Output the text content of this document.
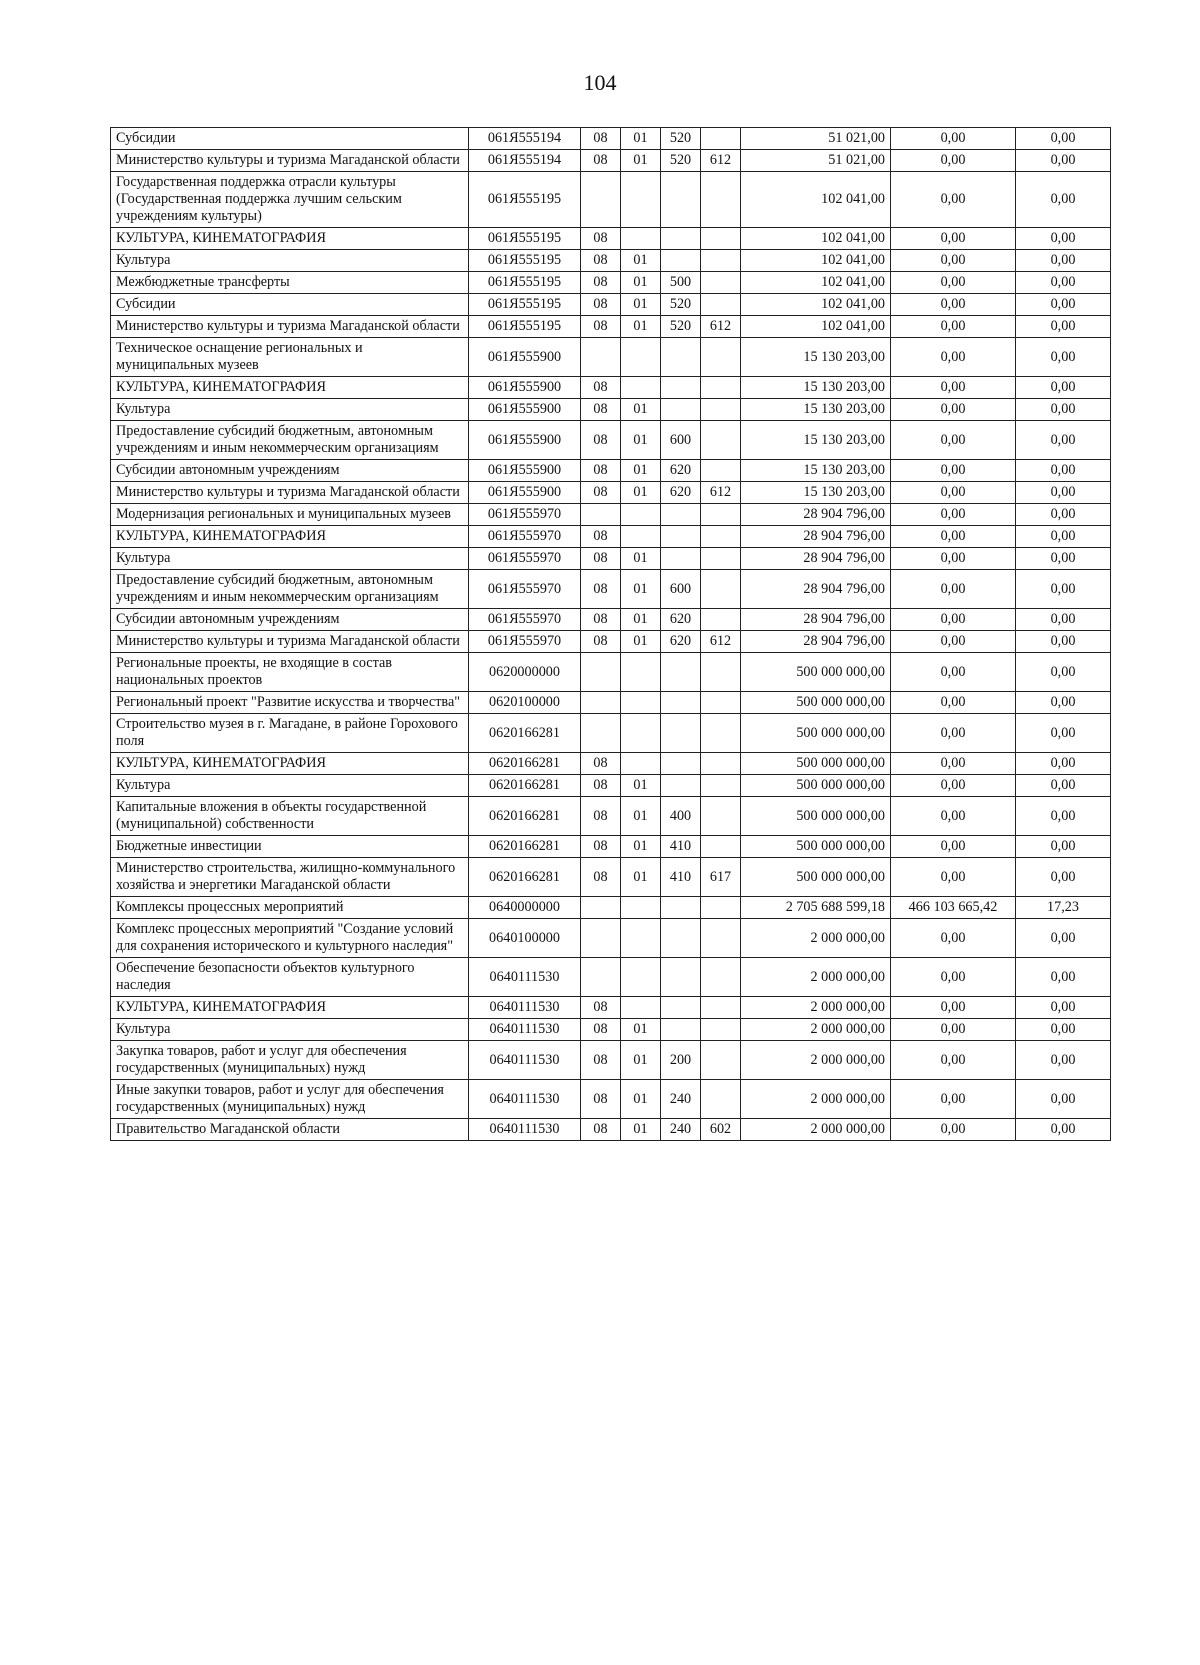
104
Субсидии	061Я555194	08	01	520		51 021,00	0,00	0,00
Министерство культуры и туризма Магаданской области	061Я555194	08	01	520	612	51 021,00	0,00	0,00
Государственная поддержка отрасли культуры (Государственная поддержка лучшим сельским учреждениям культуры)	061Я555195					102 041,00	0,00	0,00
КУЛЬТУРА, КИНЕМАТОГРАФИЯ	061Я555195	08				102 041,00	0,00	0,00
Культура	061Я555195	08	01			102 041,00	0,00	0,00
Межбюджетные трансферты	061Я555195	08	01	500		102 041,00	0,00	0,00
Субсидии	061Я555195	08	01	520		102 041,00	0,00	0,00
Министерство культуры и туризма Магаданской области	061Я555195	08	01	520	612	102 041,00	0,00	0,00
Техническое оснащение региональных и муниципальных музеев	061Я555900					15 130 203,00	0,00	0,00
КУЛЬТУРА, КИНЕМАТОГРАФИЯ	061Я555900	08				15 130 203,00	0,00	0,00
Культура	061Я555900	08	01			15 130 203,00	0,00	0,00
Предоставление субсидий бюджетным, автономным учреждениям и иным некоммерческим организациям	061Я555900	08	01	600		15 130 203,00	0,00	0,00
Субсидии автономным учреждениям	061Я555900	08	01	620		15 130 203,00	0,00	0,00
Министерство культуры и туризма Магаданской области	061Я555900	08	01	620	612	15 130 203,00	0,00	0,00
Модернизация региональных и муниципальных музеев	061Я555970					28 904 796,00	0,00	0,00
КУЛЬТУРА, КИНЕМАТОГРАФИЯ	061Я555970	08				28 904 796,00	0,00	0,00
Культура	061Я555970	08	01			28 904 796,00	0,00	0,00
Предоставление субсидий бюджетным, автономным учреждениям и иным некоммерческим организациям	061Я555970	08	01	600		28 904 796,00	0,00	0,00
Субсидии автономным учреждениям	061Я555970	08	01	620		28 904 796,00	0,00	0,00
Министерство культуры и туризма Магаданской области	061Я555970	08	01	620	612	28 904 796,00	0,00	0,00
Региональные проекты, не входящие в состав национальных проектов	0620000000					500 000 000,00	0,00	0,00
Региональный проект "Развитие искусства и творчества"	0620100000					500 000 000,00	0,00	0,00
Строительство музея в г. Магадане, в районе Горохового поля	0620166281					500 000 000,00	0,00	0,00
КУЛЬТУРА, КИНЕМАТОГРАФИЯ	0620166281	08				500 000 000,00	0,00	0,00
Культура	0620166281	08	01			500 000 000,00	0,00	0,00
Капитальные вложения в объекты государственной (муниципальной) собственности	0620166281	08	01	400		500 000 000,00	0,00	0,00
Бюджетные инвестиции	0620166281	08	01	410		500 000 000,00	0,00	0,00
Министерство строительства, жилищно-коммунального хозяйства и энергетики Магаданской области	0620166281	08	01	410	617	500 000 000,00	0,00	0,00
Комплексы процессных мероприятий	0640000000					2 705 688 599,18	466 103 665,42	17,23
Комплекс процессных мероприятий "Создание условий для сохранения исторического и культурного наследия"	0640100000					2 000 000,00	0,00	0,00
Обеспечение безопасности объектов культурного наследия	0640111530					2 000 000,00	0,00	0,00
КУЛЬТУРА, КИНЕМАТОГРАФИЯ	0640111530	08				2 000 000,00	0,00	0,00
Культура	0640111530	08	01			2 000 000,00	0,00	0,00
Закупка товаров, работ и услуг для обеспечения государственных (муниципальных) нужд	0640111530	08	01	200		2 000 000,00	0,00	0,00
Иные закупки товаров, работ и услуг для обеспечения государственных (муниципальных) нужд	0640111530	08	01	240		2 000 000,00	0,00	0,00
Правительство Магаданской области	0640111530	08	01	240	602	2 000 000,00	0,00	0,00
